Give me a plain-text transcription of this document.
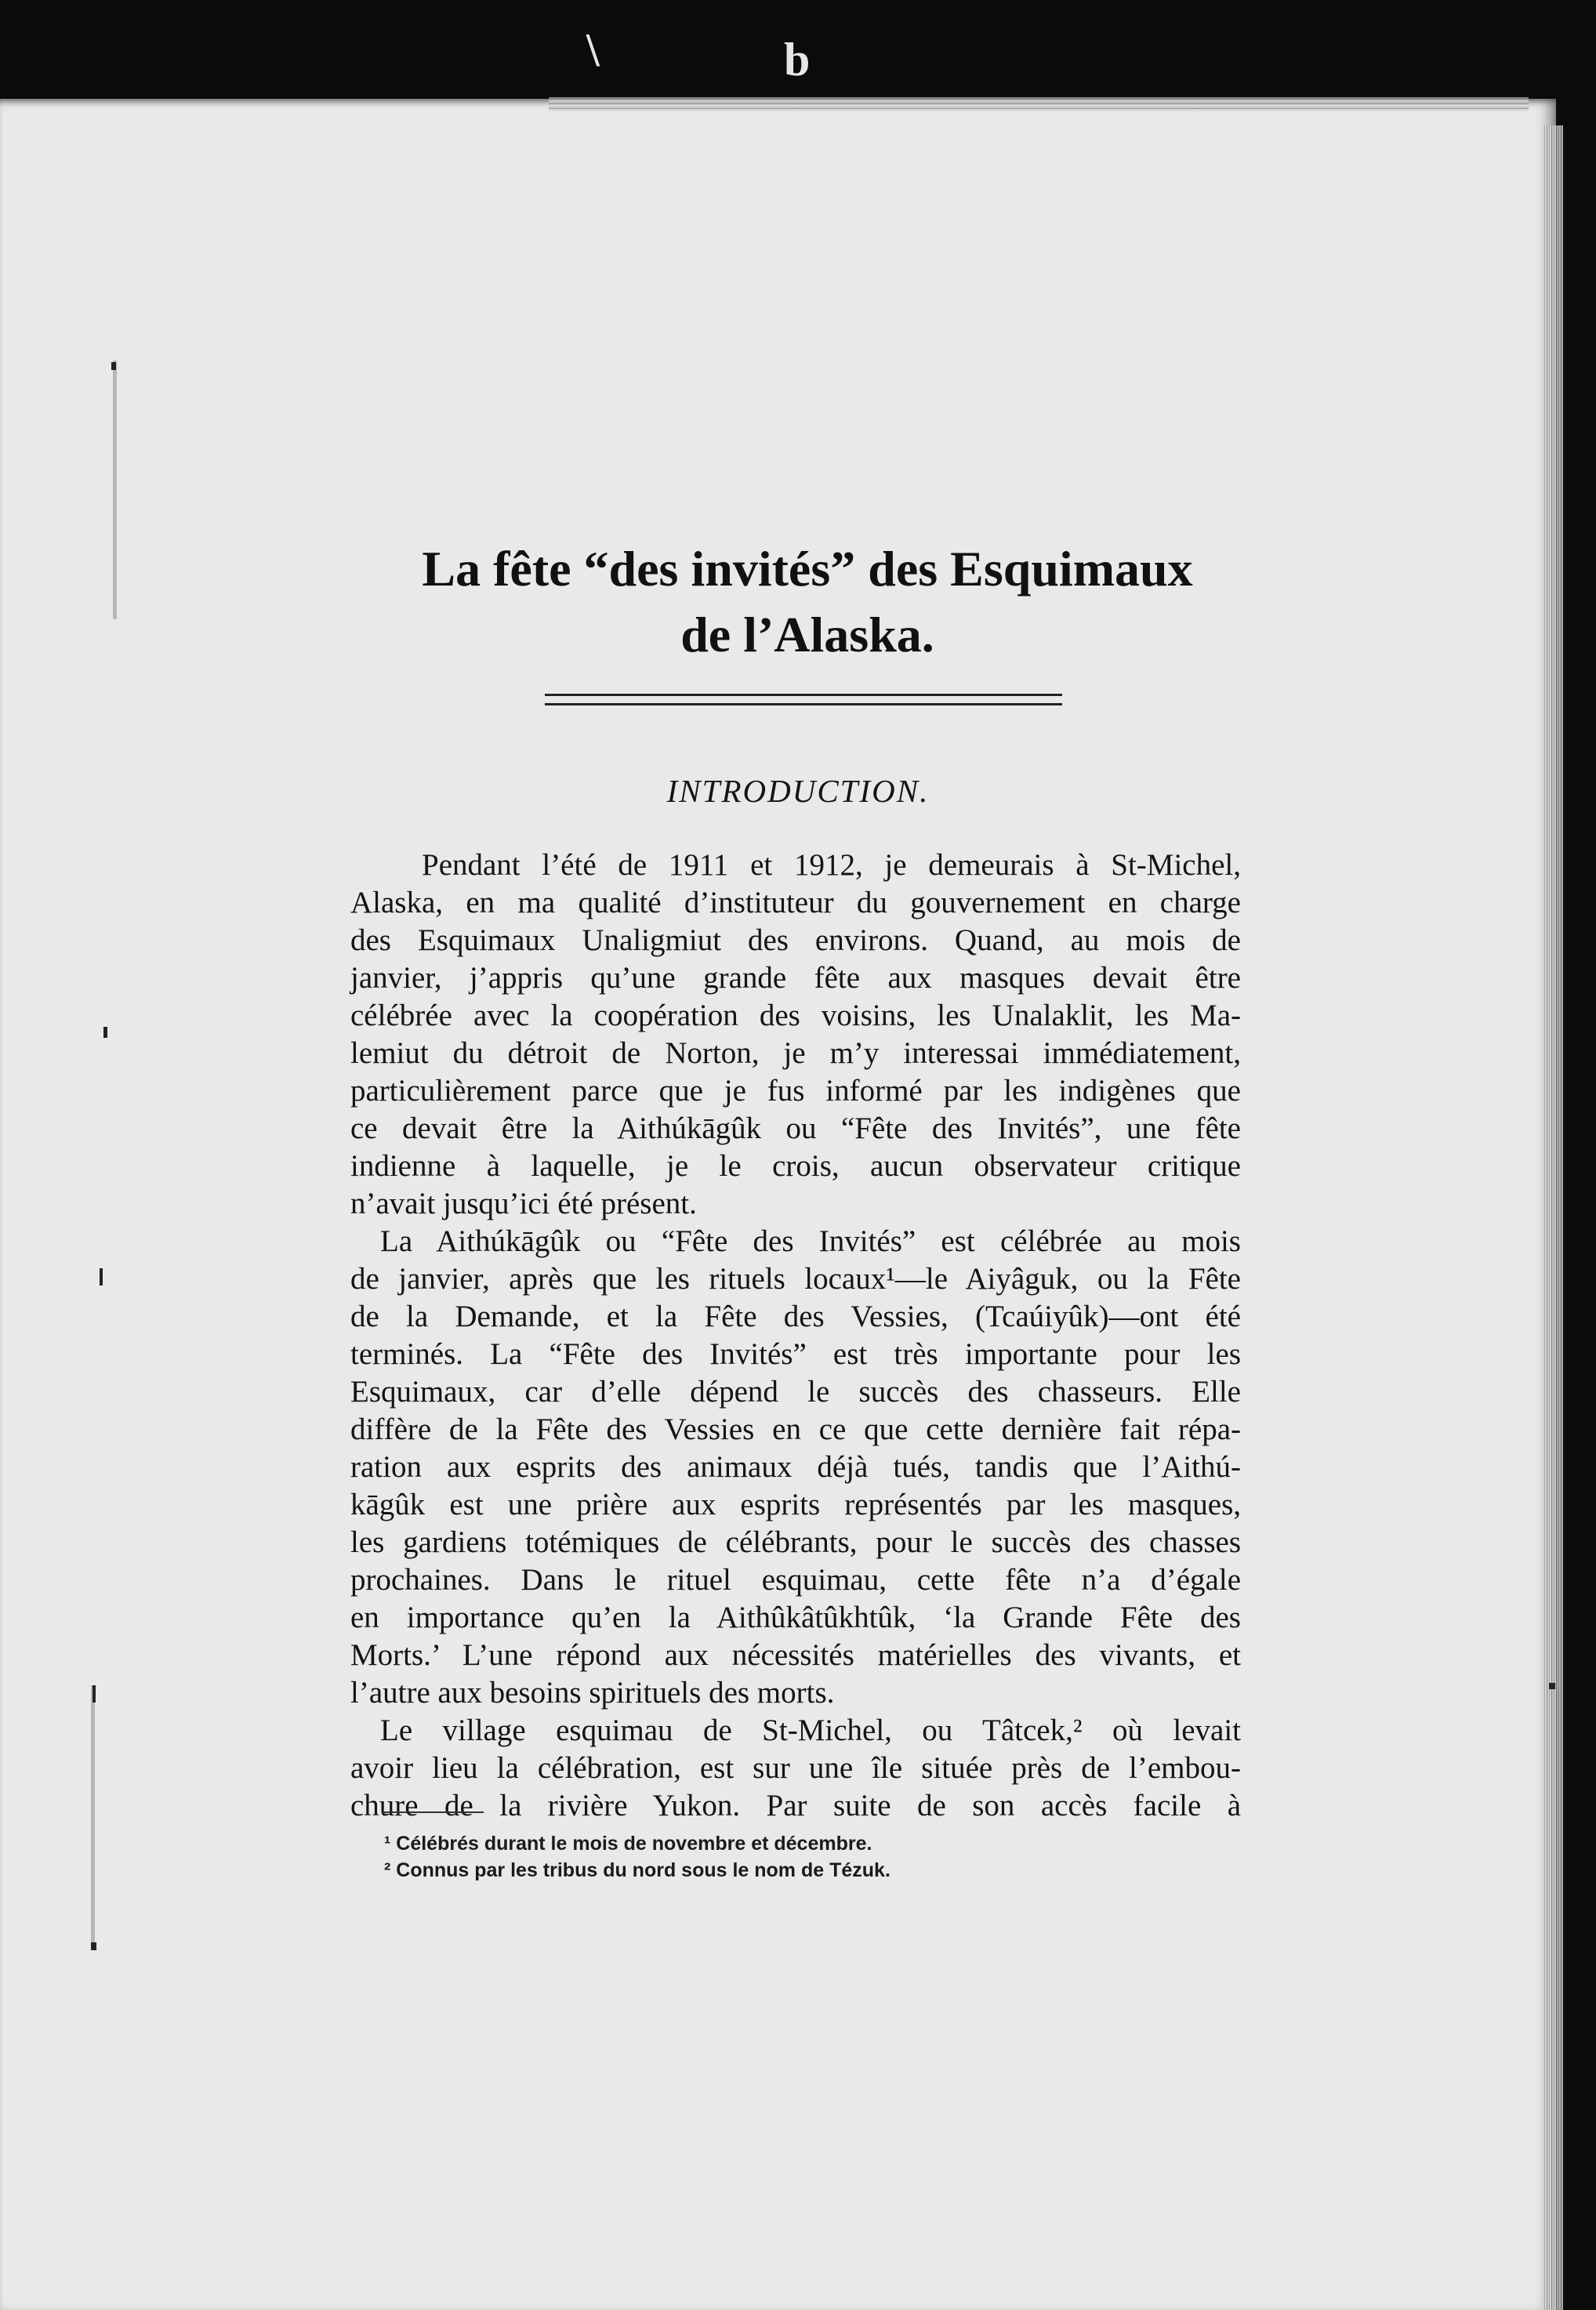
\	b
La fête “des invités” des Esquimaux
de l’Alaska.
INTRODUCTION.
Pendant l’été de 1911 et 1912, je demeurais à St-Michel,
Alaska, en ma qualité d’instituteur du gouvernement en charge
des Esquimaux Unaligmiut des environs. Quand, au mois de
janvier, j’appris qu’une grande fête aux masques devait être
célébrée avec la coopération des voisins, les Unalaklit, les Ma-
lemiut du détroit de Norton, je m’y interessai immédiatement,
particulièrement parce que je fus informé par les indigènes que
ce devait être la Aithúkāgûk ou “Fête des Invités”, une fête
indienne à laquelle, je le crois, aucun observateur critique
n’avait jusqu’ici été présent.
La Aithúkāgûk ou “Fête des Invités” est célébrée au mois
de janvier, après que les rituels locaux¹—le Aiyâguk, ou la Fête
de la Demande, et la Fête des Vessies, (Tcaúiyûk)—ont été
terminés. La “Fête des Invités” est très importante pour les
Esquimaux, car d’elle dépend le succès des chasseurs. Elle
diffère de la Fête des Vessies en ce que cette dernière fait répa-
ration aux esprits des animaux déjà tués, tandis que l’Aithú-
kāgûk est une prière aux esprits représentés par les masques,
les gardiens totémiques de célébrants, pour le succès des chasses
prochaines. Dans le rituel esquimau, cette fête n’a d’égale
en importance qu’en la Aithûkâtûkhtûk, ‘la Grande Fête des
Morts.’ L’une répond aux nécessités matérielles des vivants, et
l’autre aux besoins spirituels des morts.
Le village esquimau de St-Michel, ou Tâtcek,² où levait
avoir lieu la célébration, est sur une île située près de l’embou-
chure de la rivière Yukon. Par suite de son accès facile à
¹ Célébrés durant le mois de novembre et décembre.
² Connus par les tribus du nord sous le nom de Tézuk.
